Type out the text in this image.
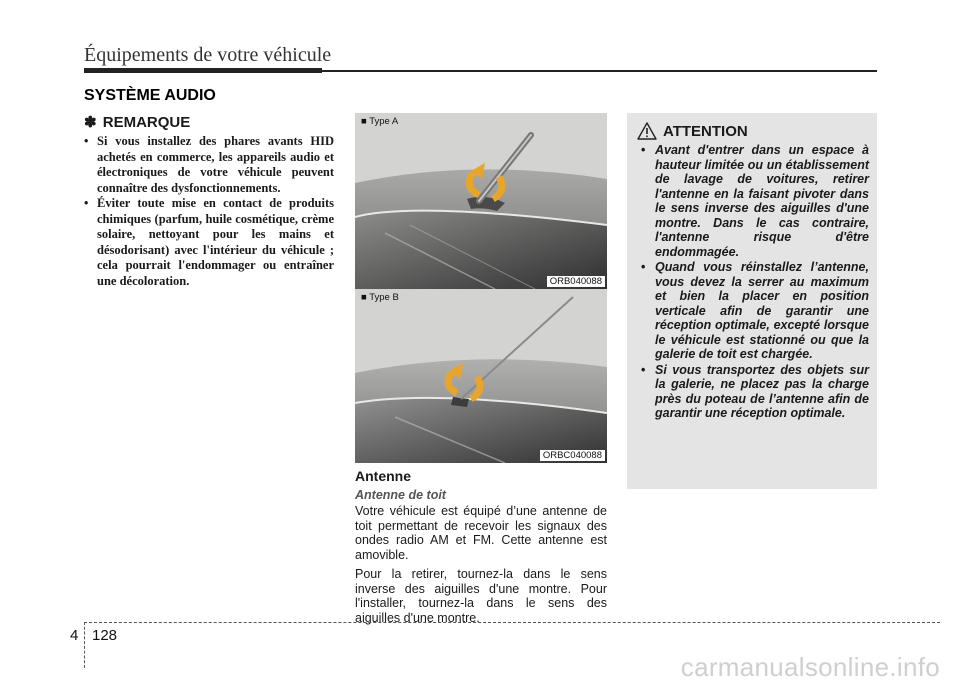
Équipements de votre véhicule
SYSTÈME AUDIO
✽ REMARQUE
• Si vous installez des phares avants HID achetés en commerce, les appareils audio et électroniques de votre véhicule peuvent connaître des dysfonctionnements.
• Éviter toute mise en contact de produits chimiques (parfum, huile cosmétique, crème solaire, nettoyant pour les mains et désodorisant) avec l'intérieur du véhicule ; cela pourrait l'endommager ou entraîner une décoloration.
■ Type A
ORB040088
■ Type B
ORBC040088
Antenne
Antenne de toit

Votre véhicule est équipé d’une antenne de toit permettant de recevoir les signaux des ondes radio AM et FM. Cette antenne est amovible.

Pour la retirer, tournez-la dans le sens inverse des aiguilles d'une montre. Pour l'installer, tournez-la dans le sens des aiguilles d'une montre.

ATTENTION
• Avant d'entrer dans un espace à hauteur limitée ou un établissement de lavage de voitures, retirer l'antenne en la faisant pivoter dans le sens inverse des aiguilles d'une montre. Dans le cas contraire, l'antenne risque d'être endommagée.
• Quand vous réinstallez l’antenne, vous devez la serrer au maximum et bien la placer en position verticale afin de garantir une réception optimale, excepté lorsque le véhicule est stationné ou que la galerie de toit est chargée.
• Si vous transportez des objets sur la galerie, ne placez pas la charge près du poteau de l’antenne afin de garantir une réception optimale.
4 128
carmanualsonline.info
